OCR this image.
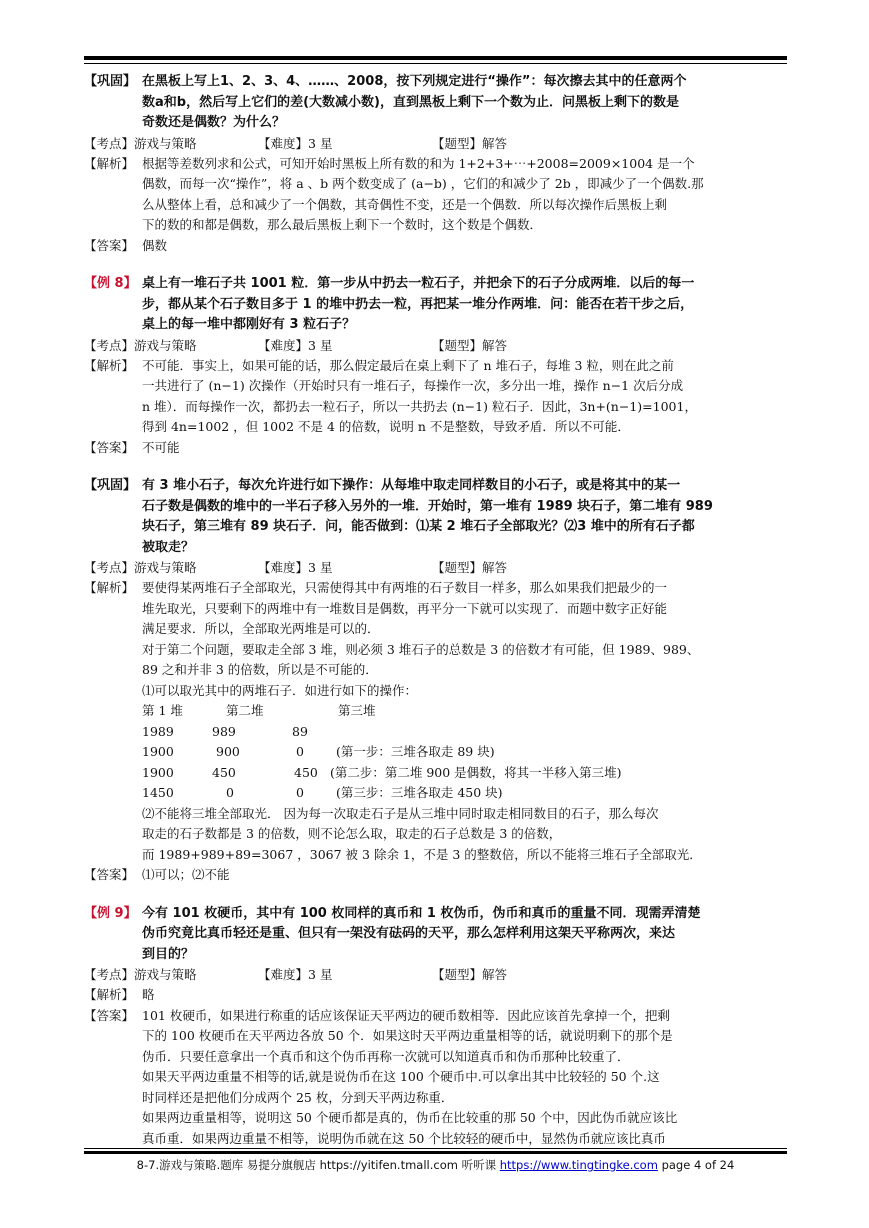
【巩固】 在黑板上写上1、2、3、4、……、2008，按下列规定进行“操作”：每次擦去其中的任意两个
数a和b，然后写上它们的差(大数减小数)，直到黑板上剩下一个数为止．问黑板上剩下的数是
奇数还是偶数？为什么？
【考点】游戏与策略	【难度】3 星	【题型】解答
【解析】 根据等差数列求和公式，可知开始时黑板上所有数的和为 1+2+3+⋯+2008=2009×1004 是一个
偶数，而每一次“操作”，将 a 、b 两个数变成了 (a−b) ，它们的和减少了 2b ，即减少了一个偶数.那
么从整体上看，总和减少了一个偶数，其奇偶性不变，还是一个偶数．所以每次操作后黑板上剩
下的数的和都是偶数，那么最后黑板上剩下一个数时，这个数是个偶数．
【答案】 偶数
【例 8】 桌上有一堆石子共 1001 粒．第一步从中扔去一粒石子，并把余下的石子分成两堆．以后的每一
步，都从某个石子数目多于 1 的堆中扔去一粒，再把某一堆分作两堆．问：能否在若干步之后，
桌上的每一堆中都刚好有 3 粒石子？
【考点】游戏与策略	【难度】3 星	【题型】解答
【解析】 不可能．事实上，如果可能的话，那么假定最后在桌上剩下了 n 堆石子，每堆 3 粒，则在此之前
一共进行了 (n−1) 次操作（开始时只有一堆石子，每操作一次，多分出一堆，操作 n−1 次后分成
n 堆）．而每操作一次，都扔去一粒石子，所以一共扔去 (n−1) 粒石子．因此，3n+(n−1)=1001，
得到 4n=1002 ，但 1002 不是 4 的倍数，说明 n 不是整数，导致矛盾．所以不可能．
【答案】 不可能
【巩固】 有 3 堆小石子，每次允许进行如下操作：从每堆中取走同样数目的小石子，或是将其中的某一
石子数是偶数的堆中的一半石子移入另外的一堆．开始时，第一堆有 1989 块石子，第二堆有 989
块石子，第三堆有 89 块石子．问，能否做到：⑴某 2 堆石子全部取光？⑵3 堆中的所有石子都
被取走？
【考点】游戏与策略	【难度】3 星	【题型】解答
【解析】 要使得某两堆石子全部取光，只需使得其中有两堆的石子数目一样多，那么如果我们把最少的一
堆先取光，只要剩下的两堆中有一堆数目是偶数，再平分一下就可以实现了．而题中数字正好能
满足要求．所以，全部取光两堆是可以的．
对于第二个问题，要取走全部 3 堆，则必须 3 堆石子的总数是 3 的倍数才有可能，但 1989、989、
89 之和并非 3 的倍数，所以是不可能的．
⑴可以取光其中的两堆石子．如进行如下的操作：
第 1 堆	第二堆	第三堆
1989	989	89
1900	900	0	(第一步：三堆各取走 89 块)
1900	450	450 (第二步：第二堆 900 是偶数，将其一半移入第三堆)
1450	0	0	(第三步：三堆各取走 450 块)
⑵不能将三堆全部取光． 因为每一次取走石子是从三堆中同时取走相同数目的石子，那么每次
取走的石子数都是 3 的倍数，则不论怎么取，取走的石子总数是 3 的倍数，
而 1989+989+89=3067 ，3067 被 3 除余 1，不是 3 的整数倍，所以不能将三堆石子全部取光．
【答案】 ⑴可以；⑵不能
【例 9】 今有 101 枚硬币，其中有 100 枚同样的真币和 1 枚伪币，伪币和真币的重量不同．现需弄清楚
伪币究竟比真币轻还是重、但只有一架没有砝码的天平，那么怎样利用这架天平称两次，来达
到目的？
【考点】游戏与策略	【难度】3 星	【题型】解答
【解析】 略
【答案】 101 枚硬币，如果进行称重的话应该保证天平两边的硬币数相等．因此应该首先拿掉一个，把剩
下的 100 枚硬币在天平两边各放 50 个．如果这时天平两边重量相等的话，就说明剩下的那个是
伪币．只要任意拿出一个真币和这个伪币再称一次就可以知道真币和伪币那种比较重了．
如果天平两边重量不相等的话,就是说伪币在这 100 个硬币中.可以拿出其中比较轻的 50 个.这
时同样还是把他们分成两个 25 枚，分到天平两边称重．
如果两边重量相等，说明这 50 个硬币都是真的，伪币在比较重的那 50 个中，因此伪币就应该比
真币重．如果两边重量不相等，说明伪币就在这 50 个比较轻的硬币中，显然伪币就应该比真币
8-7.游戏与策略.题库 易提分旗舰店 https://yitifen.tmall.com 听听课 https://www.tingtingke.com page 4 of 24
